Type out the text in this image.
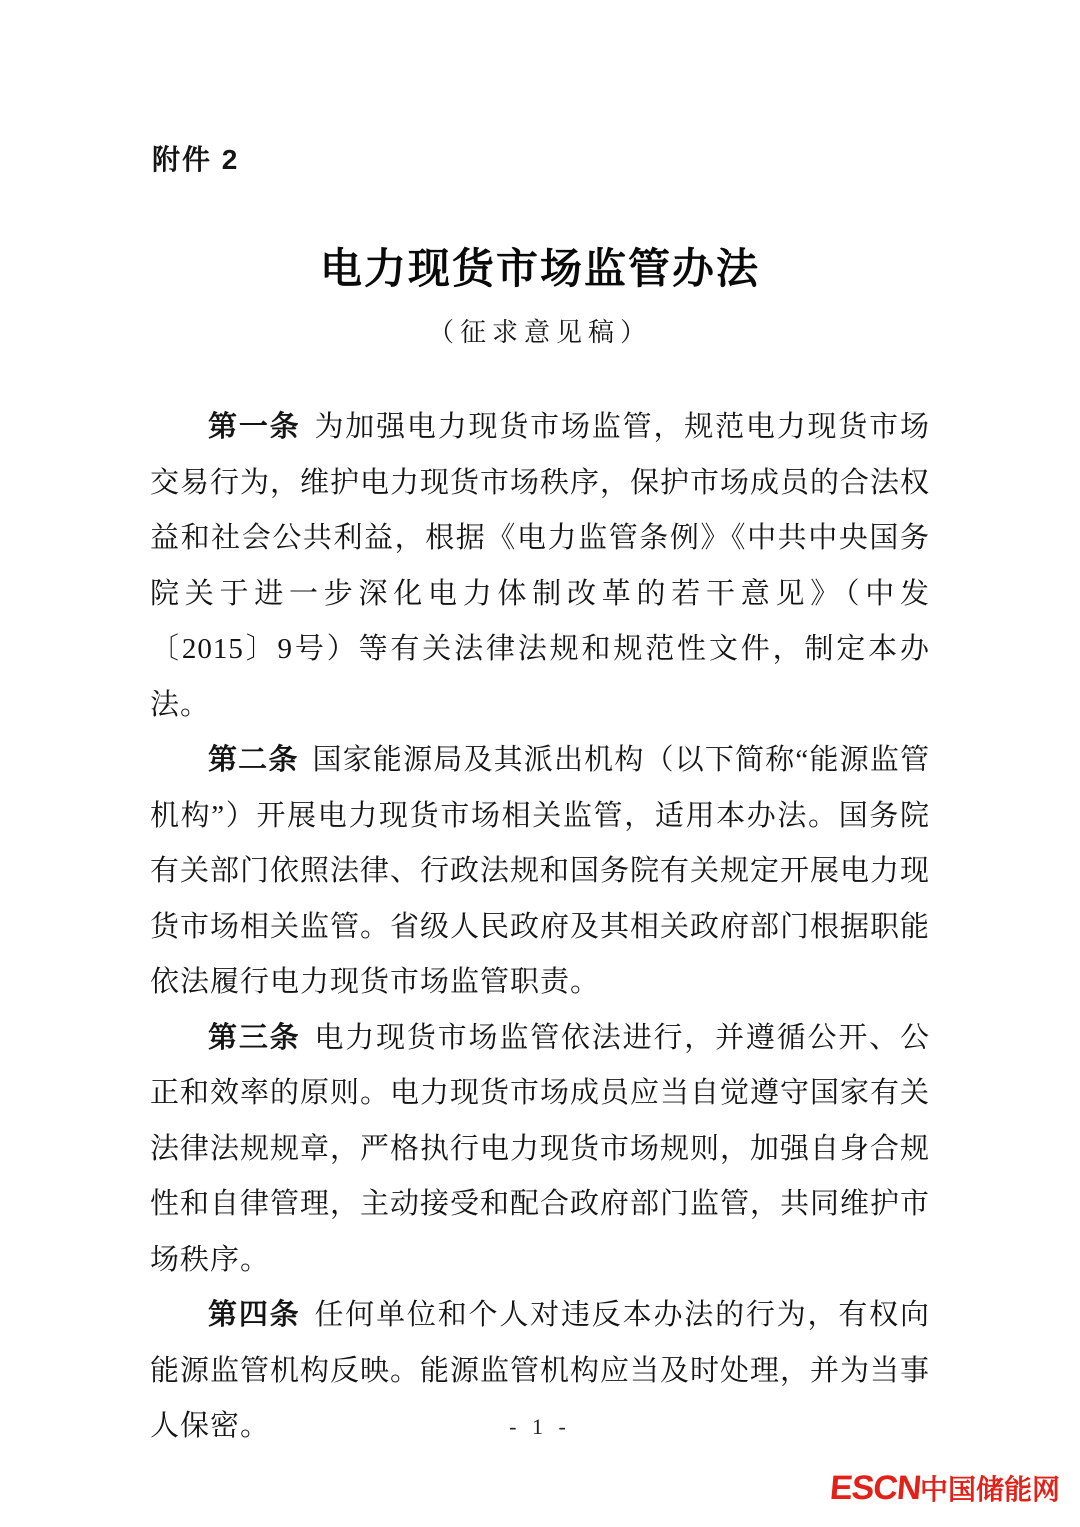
附件 2
电力现货市场监管办法
（征求意见稿）

第一条 为加强电力现货市场监管，规范电力现货市场交易行为，维护电力现货市场秩序，保护市场成员的合法权益和社会公共利益，根据《电力监管条例》《中共中央国务院关于进一步深化电力体制改革的若干意见》（中发〔2015〕9号）等有关法律法规和规范性文件，制定本办法。

第二条 国家能源局及其派出机构（以下简称“能源监管机构”）开展电力现货市场相关监管，适用本办法。国务院有关部门依照法律、行政法规和国务院有关规定开展电力现货市场相关监管。省级人民政府及其相关政府部门根据职能依法履行电力现货市场监管职责。

第三条 电力现货市场监管依法进行，并遵循公开、公正和效率的原则。电力现货市场成员应当自觉遵守国家有关法律法规规章，严格执行电力现货市场规则，加强自身合规性和自律管理，主动接受和配合政府部门监管，共同维护市场秩序。

第四条 任何单位和个人对违反本办法的行为，有权向能源监管机构反映。能源监管机构应当及时处理，并为当事人保密。	- 1 -
ESCN
中国储能网
